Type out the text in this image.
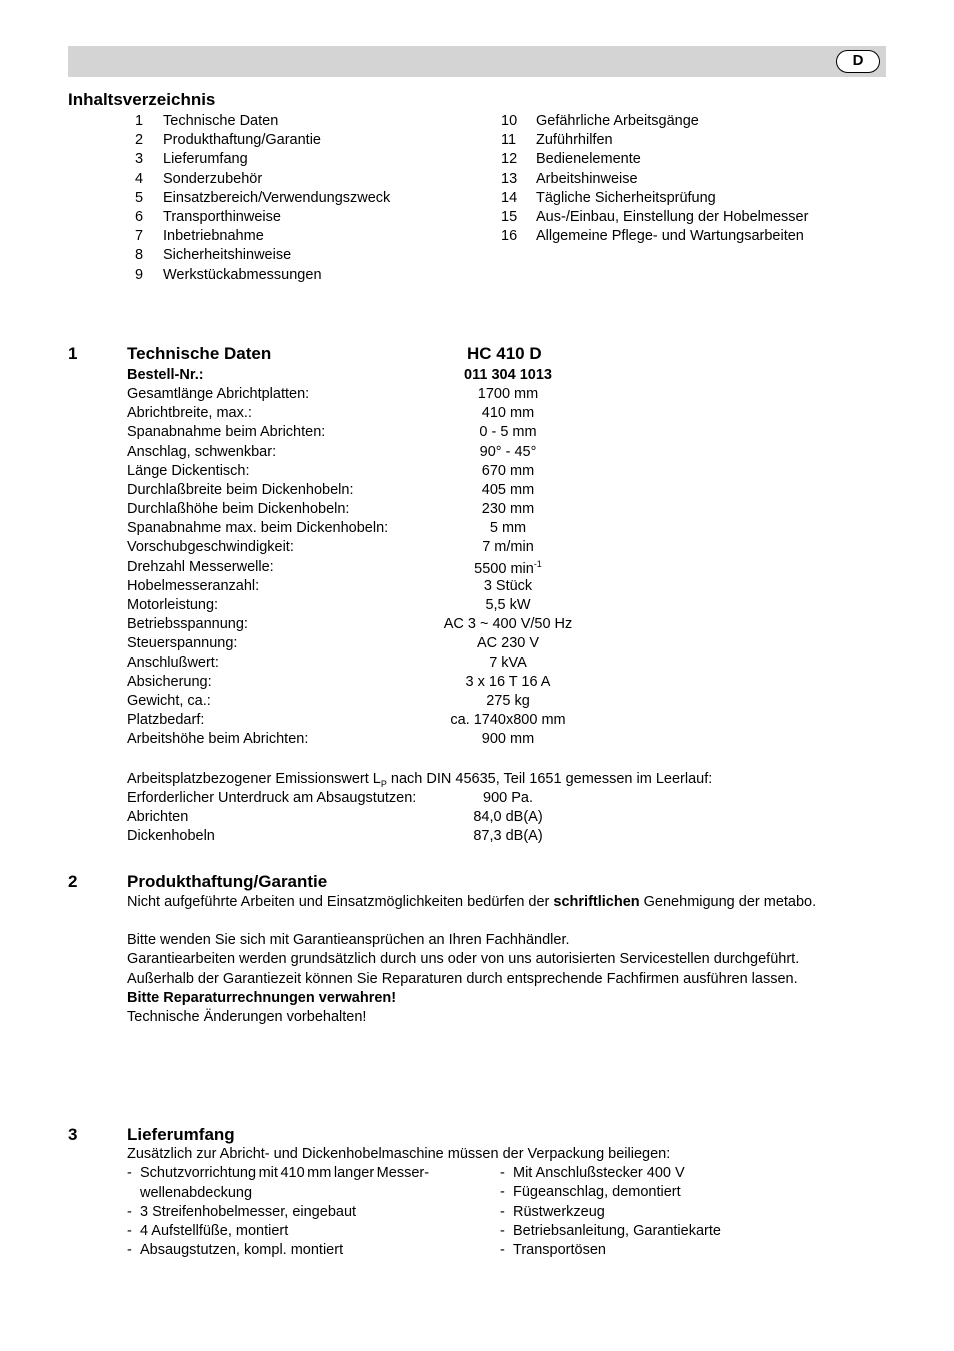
D
Inhaltsverzeichnis
1 Technische Daten
2 Produkthaftung/Garantie
3 Lieferumfang
4 Sonderzubehör
5 Einsatzbereich/Verwendungszweck
6 Transporthinweise
7 Inbetriebnahme
8 Sicherheitshinweise
9 Werkstückabmessungen
10 Gefährliche Arbeitsgänge
11 Zuführhilfen
12 Bedienelemente
13 Arbeitshinweise
14 Tägliche Sicherheitsprüfung
15 Aus-/Einbau, Einstellung der Hobelmesser
16 Allgemeine Pflege- und Wartungsarbeiten
1	Technische Daten	HC 410 D
Bestell-Nr.:	011 304 1013
Gesamtlänge Abrichtplatten:	1700 mm
Abrichtbreite, max.:	410 mm
Spanabnahme beim Abrichten:	0 - 5 mm
Anschlag, schwenkbar:	90° - 45°
Länge Dickentisch:	670 mm
Durchlaßbreite beim Dickenhobeln:	405 mm
Durchlaßhöhe beim Dickenhobeln:	230 mm
Spanabnahme max. beim Dickenhobeln:	5 mm
Vorschubgeschwindigkeit:	7 m/min
Drehzahl Messerwelle:	5500 $\min^{-1}$
Hobelmesseranzahl:	3 Stück
Motorleistung:	5,5 kW
Betriebsspannung:	AC 3 ~ 400 V/50 Hz
Steuerspannung:	AC 230 V
Anschlußwert:	7 kVA
Absicherung:	3 x 16 T 16 A
Gewicht, ca.:	275 kg
Platzbedarf:	ca. 1740x800 mm
Arbeitshöhe beim Abrichten:	900 mm
Arbeitsplatzbezogener Emissionswert $L_P$ nach DIN 45635, Teil 1651 gemessen im Leerlauf:
Erforderlicher Unterdruck am Absaugstutzen:	900 Pa.
Abrichten	84,0 dB(A)
Dickenhobeln	87,3 dB(A)
2	Produkthaftung/Garantie
Nicht aufgeführte Arbeiten und Einsatzmöglichkeiten bedürfen der schriftlichen Genehmigung der metabo.
Bitte wenden Sie sich mit Garantieansprüchen an Ihren Fachhändler.
Garantiearbeiten werden grundsätzlich durch uns oder von uns autorisierten Servicestellen durchgeführt.
Außerhalb der Garantiezeit können Sie Reparaturen durch entsprechende Fachfirmen ausführen lassen.
Bitte Reparaturrechnungen verwahren!
Technische Änderungen vorbehalten!
3	Lieferumfang
Zusätzlich zur Abricht- und Dickenhobelmaschine müssen der Verpackung beiliegen:
- Schutzvorrichtung mit 410 mm langer Messer-
wellenabdeckung
- 3 Streifenhobelmesser, eingebaut
- 4 Aufstellfüße, montiert
- Absaugstutzen, kompl. montiert
- Mit Anschlußstecker 400 V
- Fügeanschlag, demontiert
- Rüstwerkzeug
- Betriebsanleitung, Garantiekarte
- Transportösen
